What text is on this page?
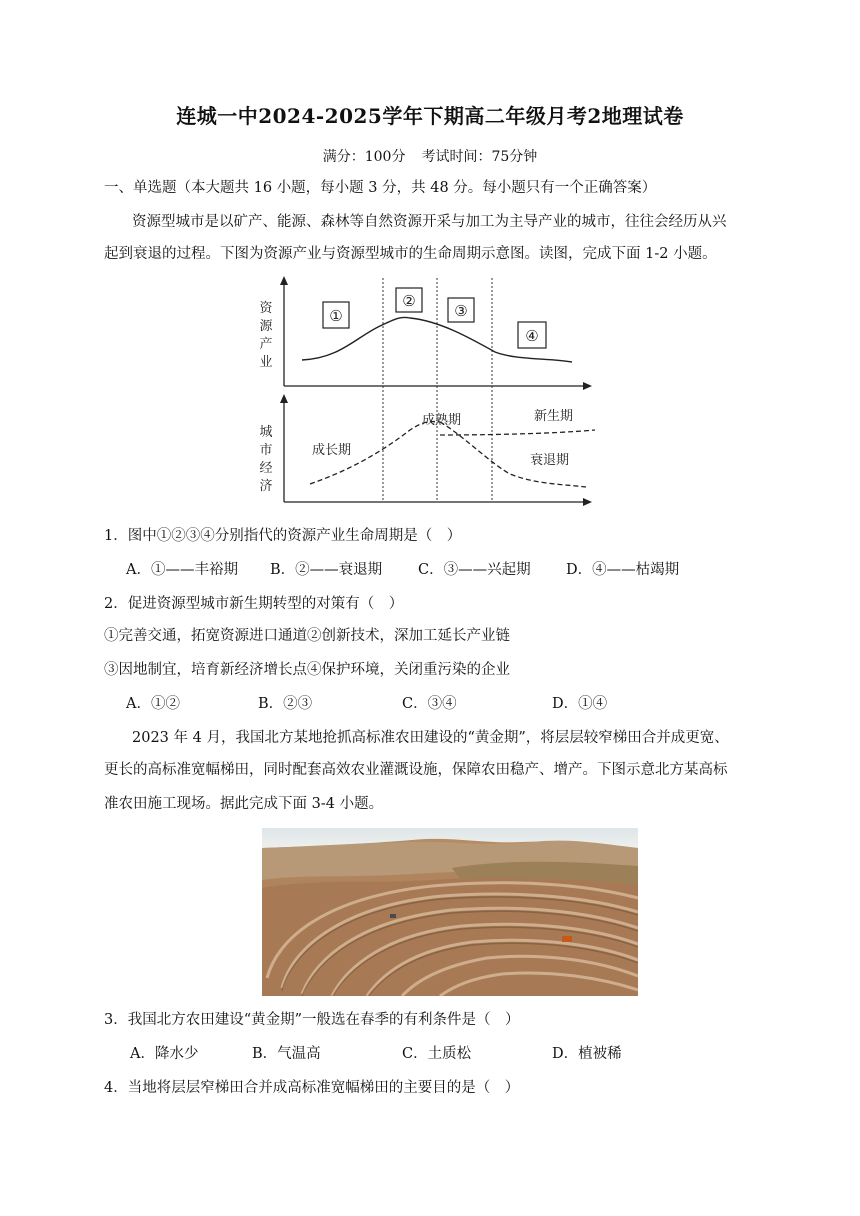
连城一中2024-2025学年下期高二年级月考2地理试卷
满分：100分 考试时间：75分钟
一、单选题（本大题共 16 小题，每小题 3 分，共 48 分。每小题只有一个正确答案）
资源型城市是以矿产、能源、森林等自然资源开采与加工为主导产业的城市，往往会经历从兴
起到衰退的过程。下图为资源产业与资源型城市的生命周期示意图。读图，完成下面 1-2 小题。
资
源
产
业
城
市
经
济
①
②
③
④
成长期
成熟期	新生期
衰退期
1．图中①②③④分别指代的资源产业生命周期是（　）
A．①——丰裕期	B．②——衰退期	C．③——兴起期	D．④——枯竭期
2．促进资源型城市新生期转型的对策有（　）
①完善交通，拓宽资源进口通道②创新技术，深加工延长产业链
③因地制宜，培育新经济增长点④保护环境，关闭重污染的企业
A．①②	B．②③	C．③④	D．①④
2023 年 4 月，我国北方某地抢抓高标准农田建设的“黄金期”，将层层较窄梯田合并成更宽、
更长的高标准宽幅梯田，同时配套高效农业灌溉设施，保障农田稳产、增产。下图示意北方某高标
准农田施工现场。据此完成下面 3-4 小题。
3．我国北方农田建设“黄金期”一般选在春季的有利条件是（　）
A．降水少	B．气温高	C．土质松	D．植被稀
4．当地将层层窄梯田合并成高标准宽幅梯田的主要目的是（　）
